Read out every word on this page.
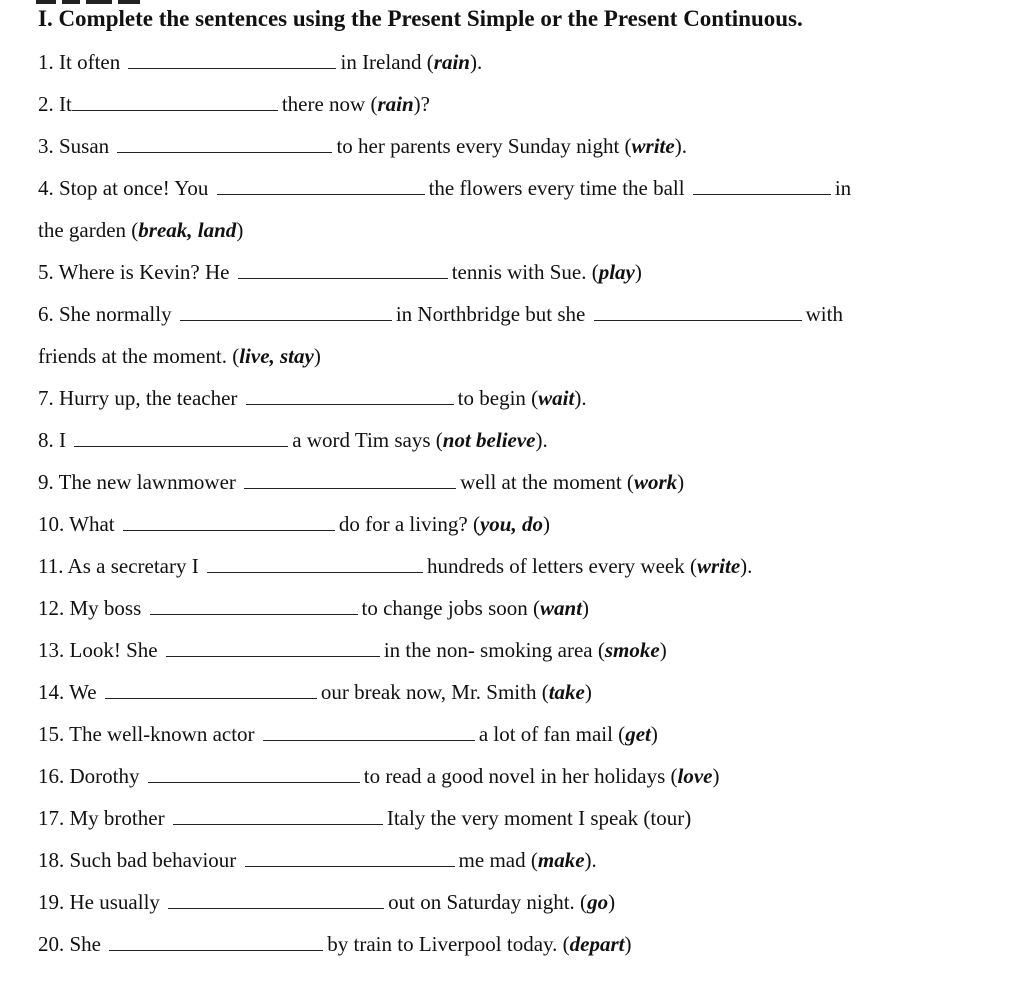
I. Complete the sentences using the Present Simple or the Present Continuous.
1. It often	in Ireland (rain).
2. It	there now (rain)?
3. Susan	to her parents every Sunday night (write).
4. Stop at once! You	the flowers every time the ball	in
the garden (break, land)
5. Where is Kevin? He	tennis with Sue. (play)
6. She normally	in Northbridge but she	with
friends at the moment. (live, stay)
7. Hurry up, the teacher	to begin (wait).
8. I	a word Tim says (not believe).
9. The new lawnmower	well at the moment (work)
10. What	do for a living? (you, do)
11. As a secretary I	hundreds of letters every week (write).
12. My boss	to change jobs soon (want)
13. Look! She	in the non- smoking area (smoke)
14. We	our break now, Mr. Smith (take)
15. The well-known actor	a lot of fan mail (get)
16. Dorothy	to read a good novel in her holidays (love)
17. My brother	Italy the very moment I speak (tour)
18. Such bad behaviour	me mad (make).
19. He usually	out on Saturday night. (go)
20. She	by train to Liverpool today. (depart)
